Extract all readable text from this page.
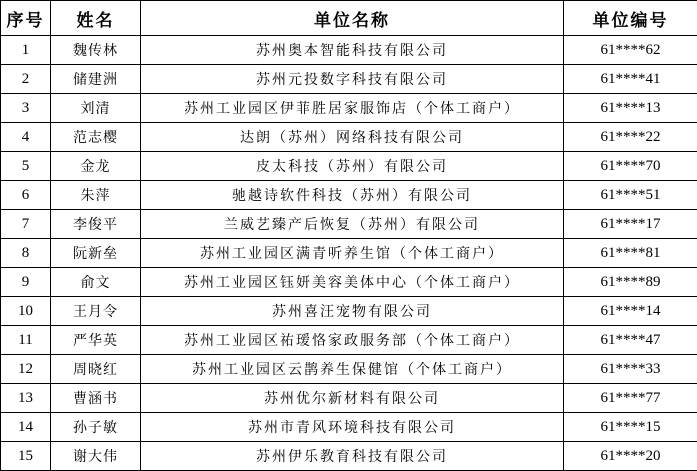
序号	姓名	单位名称	单位编号
1	魏传林	苏州奥本智能科技有限公司	61****62
2	储建洲	苏州元投数字科技有限公司	61****41
3	刘清	苏州工业园区伊菲胜居家服饰店（个体工商户）	61****13
4	范志樱	达朗（苏州）网络科技有限公司	61****22
5	金龙	皮太科技（苏州）有限公司	61****70
6	朱萍	驰越诗软件科技（苏州）有限公司	61****51
7	李俊平	兰威艺臻产后恢复（苏州）有限公司	61****17
8	阮新垒	苏州工业园区满青听养生馆（个体工商户）	61****81
9	俞文	苏州工业园区钰妍美容美体中心（个体工商户）	61****89
10	王月令	苏州喜汪宠物有限公司	61****14
11	严华英	苏州工业园区祐瑷恪家政服务部（个体工商户）	61****47
12	周晓红	苏州工业园区云鹊养生保健馆（个体工商户）	61****33
13	曹涵书	苏州优尔新材料有限公司	61****77
14	孙子敏	苏州市青风环境科技有限公司	61****15
15	谢大伟	苏州伊乐教育科技有限公司	61****20
